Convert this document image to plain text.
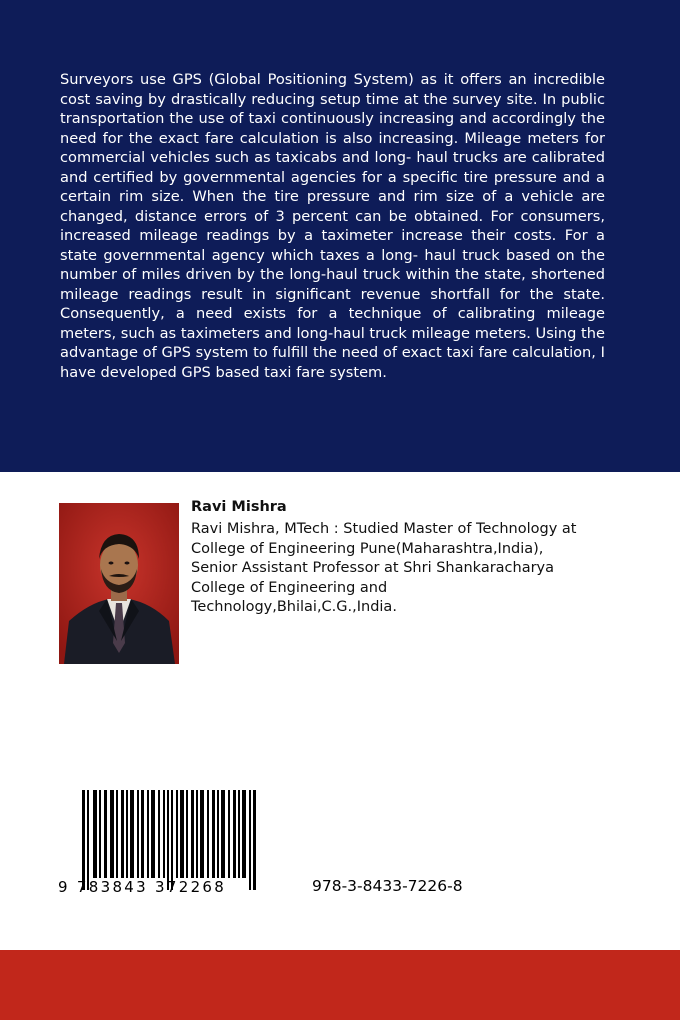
Surveyors use GPS (Global Positioning System) as it offers an incredible cost saving by drastically reducing setup time at the survey site. In public transportation the use of taxi continuously increasing and accordingly the need for the exact fare calculation is also increasing. Mileage meters for commercial vehicles such as taxicabs and long- haul trucks are calibrated and certified by governmental agencies for a specific tire pressure and a certain rim size. When the tire pressure and rim size of a vehicle are changed, distance errors of 3 percent can be obtained. For consumers, increased mileage readings by a taximeter increase their costs. For a state governmental agency which taxes a long- haul truck based on the number of miles driven by the long-haul truck within the state, shortened mileage readings result in significant revenue shortfall for the state. Consequently, a need exists for a technique of calibrating mileage meters, such as taximeters and long-haul truck mileage meters. Using the advantage of GPS system to fulfill the need of exact taxi fare calculation, I have developed GPS based taxi fare system.

Ravi Mishra

Ravi Mishra, MTech : Studied Master of Technology at College of Engineering Pune(Maharashtra,India), Senior Assistant Professor at Shri Shankaracharya College of Engineering and Technology,Bhilai,C.G.,India.

9 783843 372268	978-3-8433-7226-8
